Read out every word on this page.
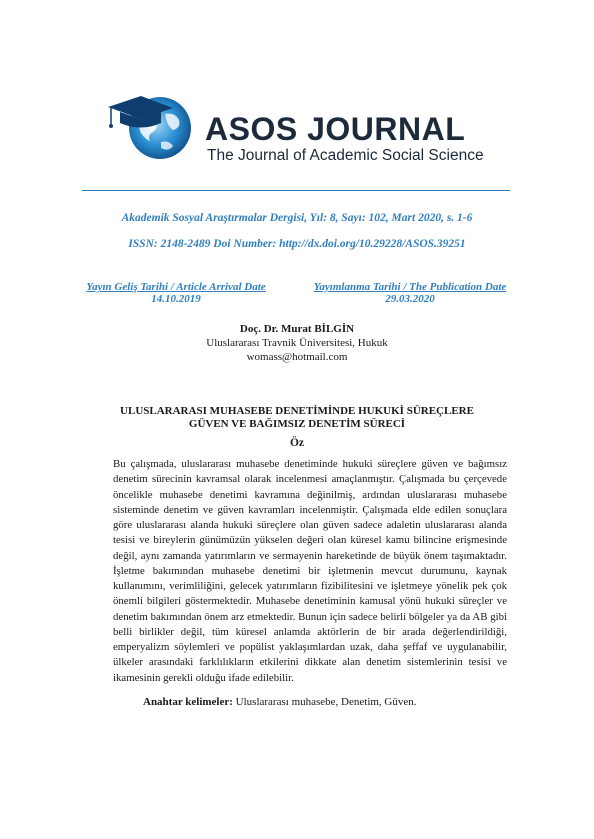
ASOS JOURNAL

The Journal of Academic Social Science

Akademik Sosyal Araştırmalar Dergisi, Yıl: 8, Sayı: 102, Mart 2020, s. 1-6

ISSN: 2148-2489 Doi Number: http://dx.doi.org/10.29228/ASOS.39251

Yayın Geliş Tarihi / Article Arrival Date
14.10.2019
Yayımlanma Tarihi / The Publication Date
29.03.2020
Doç. Dr. Murat BİLGİN
Uluslararası Travnik Üniversitesi, Hukuk
womass@hotmail.com
ULUSLARARASI MUHASEBE DENETİMİNDE HUKUKİ SÜREÇLERE
GÜVEN VE BAĞIMSIZ DENETİM SÜRECİ
Öz

Bu çalışmada, uluslararası muhasebe denetiminde hukuki süreçlere güven ve bağımsız denetim sürecinin kavramsal olarak incelenmesi amaçlanmıştır. Çalışmada bu çerçevede öncelikle muhasebe denetimi kavramına değinilmiş, ardından uluslararası muhasebe sisteminde denetim ve güven kavramları incelenmiştir. Çalışmada elde edilen sonuçlara göre uluslararası alanda hukuki süreçlere olan güven sadece adaletin uluslararası alanda tesisi ve bireylerin günümüzün yükselen değeri olan küresel kamu bilincine erişmesinde değil, aynı zamanda yatırımların ve sermayenin hareketinde de büyük önem taşımaktadır. İşletme bakımından muhasebe denetimi bir işletmenin mevcut durumunu, kaynak kullanımını, verimliliğini, gelecek yatırımların fizibilitesini ve işletmeye yönelik pek çok önemli bilgileri göstermektedir. Muhasebe denetiminin kamusal yönü hukuki süreçler ve denetim bakımından önem arz etmektedir. Bunun için sadece belirli bölgeler ya da AB gibi belli birlikler değil, tüm küresel anlamda aktörlerin de bir arada değerlendirildiği, emperyalizm söylemleri ve popülist yaklaşımlardan uzak, daha şeffaf ve uygulanabilir, ülkeler arasındaki farklılıkların etkilerini dikkate alan denetim sistemlerinin tesisi ve ikamesinin gerekli olduğu ifade edilebilir.

Anahtar kelimeler: Uluslararası muhasebe, Denetim, Güven.
